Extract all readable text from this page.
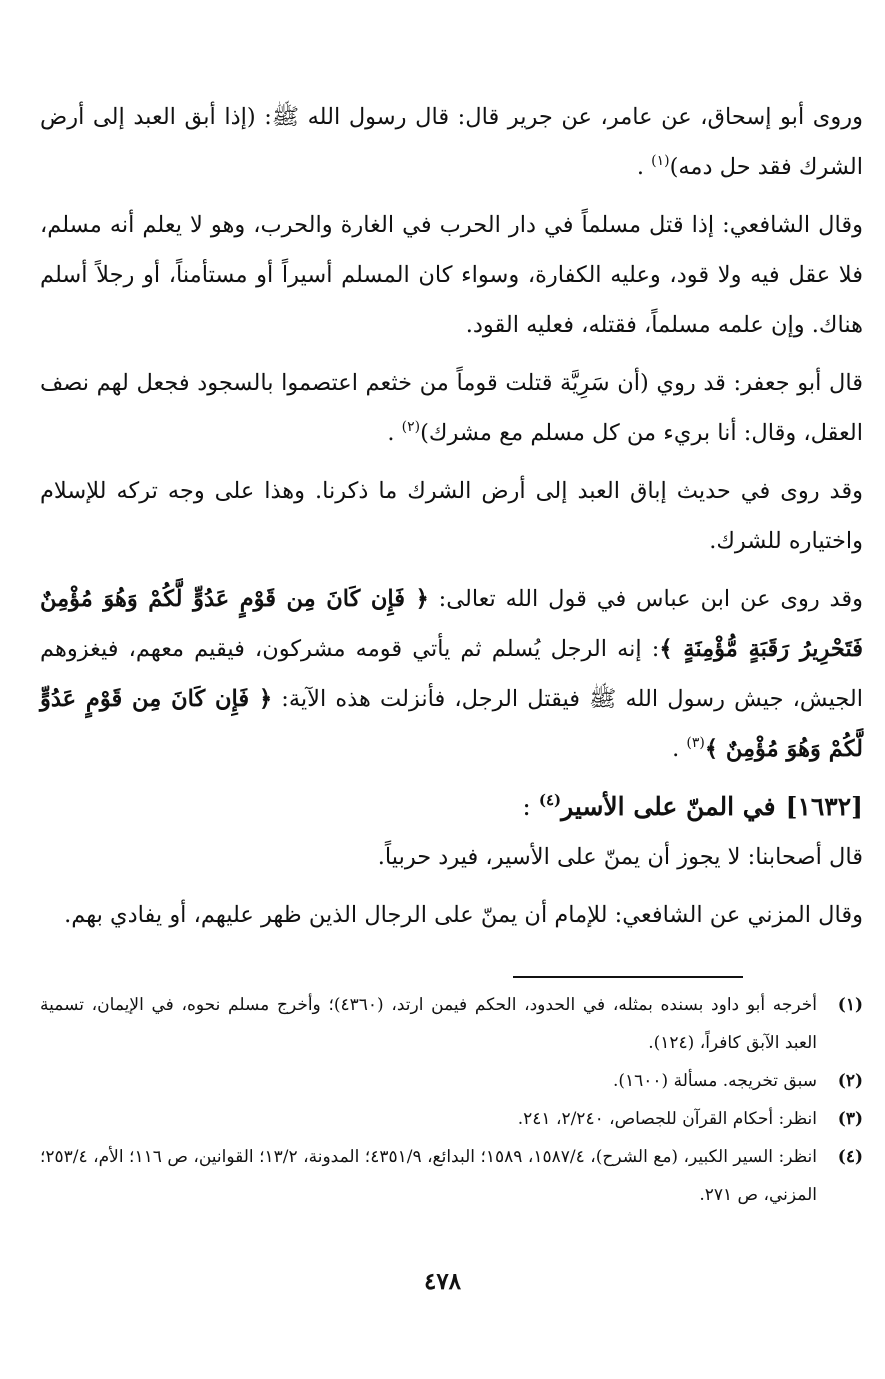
وروى أبو إسحاق، عن عامر، عن جرير قال: قال رسول الله ﷺ: (إذا أبق العبد إلى أرض الشرك فقد حل دمه)$^{(١)}$ .

وقال الشافعي: إذا قتل مسلماً في دار الحرب في الغارة والحرب، وهو لا يعلم أنه مسلم، فلا عقل فيه ولا قود، وعليه الكفارة، وسواء كان المسلم أسيراً أو مستأمناً، أو رجلاً أسلم هناك. وإن علمه مسلماً، فقتله، فعليه القود.

قال أبو جعفر: قد روي (أن سَرِيَّة قتلت قوماً من خثعم اعتصموا بالسجود فجعل لهم نصف العقل، وقال: أنا بريء من كل مسلم مع مشرك)$^{(٢)}$ .

وقد روى في حديث إباق العبد إلى أرض الشرك ما ذكرنا. وهذا على وجه تركه للإسلام واختياره للشرك.

وقد روى عن ابن عباس في قول الله تعالى: ﴿ فَإِن كَانَ مِن قَوْمٍ عَدُوٍّ لَّكُمْ وَهُوَ مُؤْمِنٌ فَتَحْرِيرُ رَقَبَةٍ مُّؤْمِنَةٍ ﴾: إنه الرجل يُسلم ثم يأتي قومه مشركون، فيقيم معهم، فيغزوهم الجيش، جيش رسول الله ﷺ فيقتل الرجل، فأنزلت هذه الآية: ﴿ فَإِن كَانَ مِن قَوْمٍ عَدُوٍّ لَّكُمْ وَهُوَ مُؤْمِنٌ ﴾$^{(٣)}$ .

[١٦٣٢]في المنّ على الأسير$^{(٤)}$:

قال أصحابنا: لا يجوز أن يمنّ على الأسير، فيرد حربياً.

وقال المزني عن الشافعي: للإمام أن يمنّ على الرجال الذين ظهر عليهم، أو يفادي بهم.

(١)
أخرجه أبو داود بسنده بمثله، في الحدود، الحكم فيمن ارتد، (٤٣٦٠)؛ وأخرج مسلم نحوه، في الإيمان، تسمية العبد الآبق كافراً، (١٢٤).
(٢)
سبق تخريجه. مسألة (١٦٠٠).
(٣)
انظر: أحكام القرآن للجصاص، ٢/٢٤٠، ٢٤١.
(٤)
انظر: السير الكبير، (مع الشرح)، ١٥٨٧/٤، ١٥٨٩؛ البدائع، ٤٣٥١/٩؛ المدونة، ١٣/٢؛ القوانين، ص ١١٦؛ الأم، ٢٥٣/٤؛ المزني، ص ٢٧١.
٤٧٨
